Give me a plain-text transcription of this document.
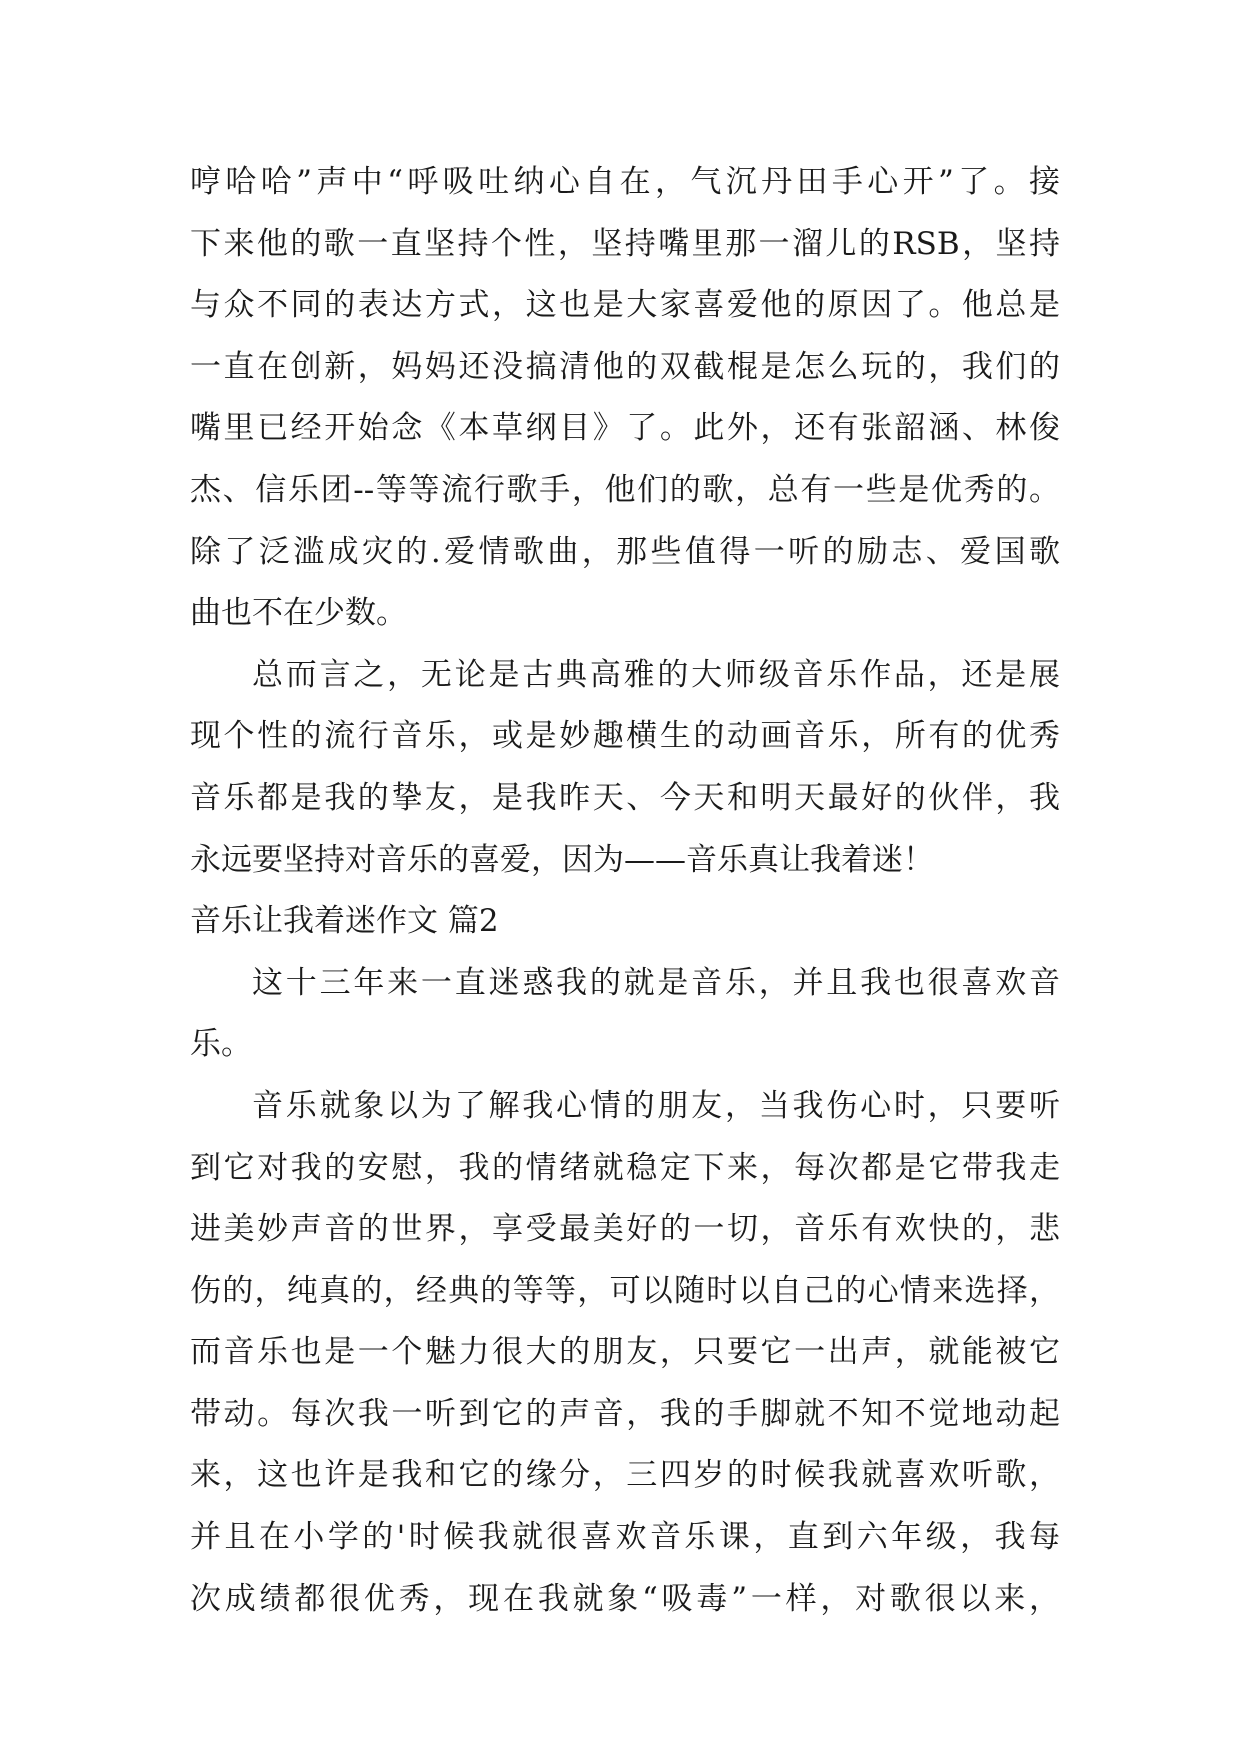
哼哈哈”声中“呼吸吐纳心自在，气沉丹田手心开”了。接
下来他的歌一直坚持个性，坚持嘴里那一溜儿的RSB，坚持
与众不同的表达方式，这也是大家喜爱他的原因了。他总是
一直在创新，妈妈还没搞清他的双截棍是怎么玩的，我们的
嘴里已经开始念《本草纲目》了。此外，还有张韶涵、林俊
杰、信乐团--等等流行歌手，他们的歌，总有一些是优秀的。
除了泛滥成灾的.爱情歌曲，那些值得一听的励志、爱国歌
曲也不在少数。
总而言之，无论是古典高雅的大师级音乐作品，还是展
现个性的流行音乐，或是妙趣横生的动画音乐，所有的优秀
音乐都是我的挚友，是我昨天、今天和明天最好的伙伴，我
永远要坚持对音乐的喜爱，因为——音乐真让我着迷！
音乐让我着迷作文 篇2
这十三年来一直迷惑我的就是音乐，并且我也很喜欢音
乐。
音乐就象以为了解我心情的朋友，当我伤心时，只要听
到它对我的安慰，我的情绪就稳定下来，每次都是它带我走
进美妙声音的世界，享受最美好的一切，音乐有欢快的，悲
伤的，纯真的，经典的等等，可以随时以自己的心情来选择，
而音乐也是一个魅力很大的朋友，只要它一出声，就能被它
带动。每次我一听到它的声音，我的手脚就不知不觉地动起
来，这也许是我和它的缘分，三四岁的时候我就喜欢听歌，
并且在小学的'时候我就很喜欢音乐课，直到六年级，我每
次成绩都很优秀，现在我就象“吸毒”一样，对歌很以来，
